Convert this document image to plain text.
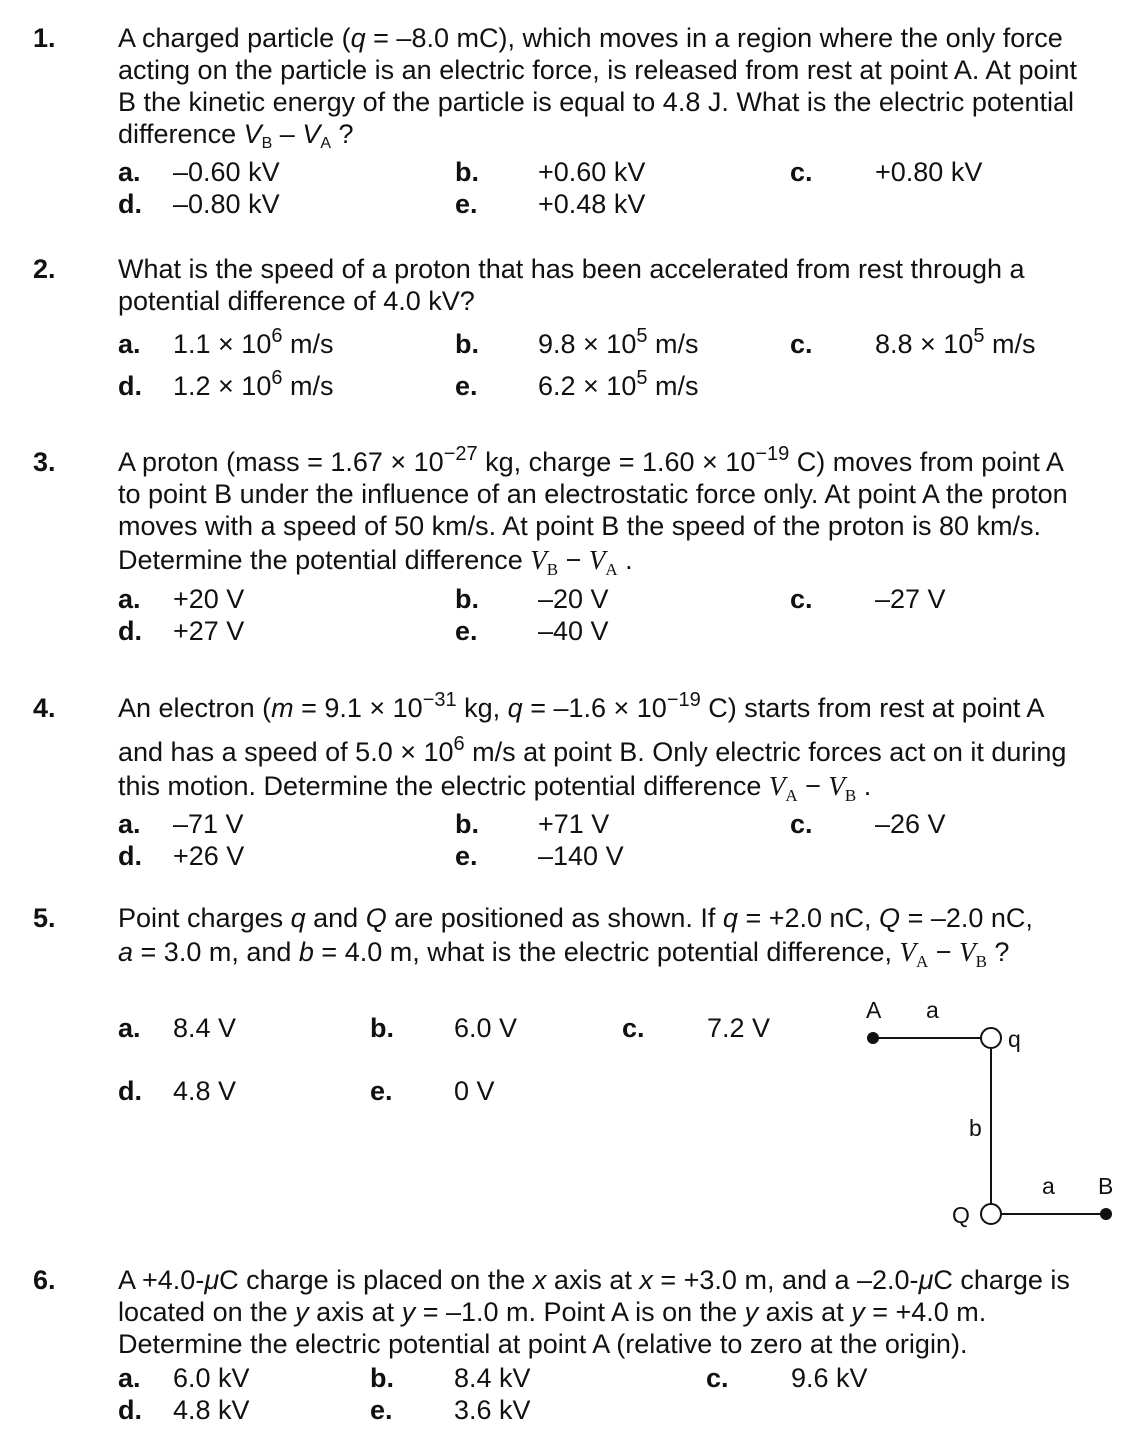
1. A charged particle (q = –8.0 mC), which moves in a region where the only force

acting on the particle is an electric force, is released from rest at point A. At point

B the kinetic energy of the particle is equal to 4.8 J. What is the electric potential

difference $V_B - V_A$ ?

a. –0.60 kV	b. +0.60 kV	c. +0.80 kV
d. –0.80 kV	e. +0.48 kV
2. What is the speed of a proton that has been accelerated from rest through a

potential difference of 4.0 kV?

a. $1.1 \times 10^6$ m/s	b. $9.8 \times 10^5$ m/s	c. $8.8 \times 10^5$ m/s
d. $1.2 \times 10^6$ m/s	e. $6.2 \times 10^5$ m/s
3. A proton (mass = $1.67 \times 10^{-27}$ kg, charge = $1.60 \times 10^{-19}$ C) moves from point A

to point B under the influence of an electrostatic force only. At point A the proton

moves with a speed of 50 km/s. At point B the speed of the proton is 80 km/s.

Determine the potential difference $V_B - V_A$ .

a. +20 V	b. –20 V	c. –27 V
d. +27 V	e. –40 V
4. An electron ($m = 9.1 \times 10^{-31}$ kg, $q = -1.6 \times 10^{-19}$ C) starts from rest at point A

and has a speed of $5.0 \times 10^6$ m/s at point B. Only electric forces act on it during

this motion. Determine the electric potential difference $V_A - V_B$ .

a. –71 V	b. +71 V	c. –26 V
d. +26 V	e. –140 V
5. Point charges q and Q are positioned as shown. If q = +2.0 nC, Q = –2.0 nC,

a = 3.0 m, and b = 4.0 m, what is the electric potential difference, $V_A - V_B$ ?

a. 8.4 V	b. 6.0 V	c. 7.2 V
d. 4.8 V	e. 0 V
A a
q
b
Q
a B
6. A +4.0-μC charge is placed on the x axis at x = +3.0 m, and a –2.0-μC charge is

located on the y axis at y = –1.0 m. Point A is on the y axis at y = +4.0 m.

Determine the electric potential at point A (relative to zero at the origin).

a. 6.0 kV	b. 8.4 kV	c. 9.6 kV
d. 4.8 kV	e. 3.6 kV
